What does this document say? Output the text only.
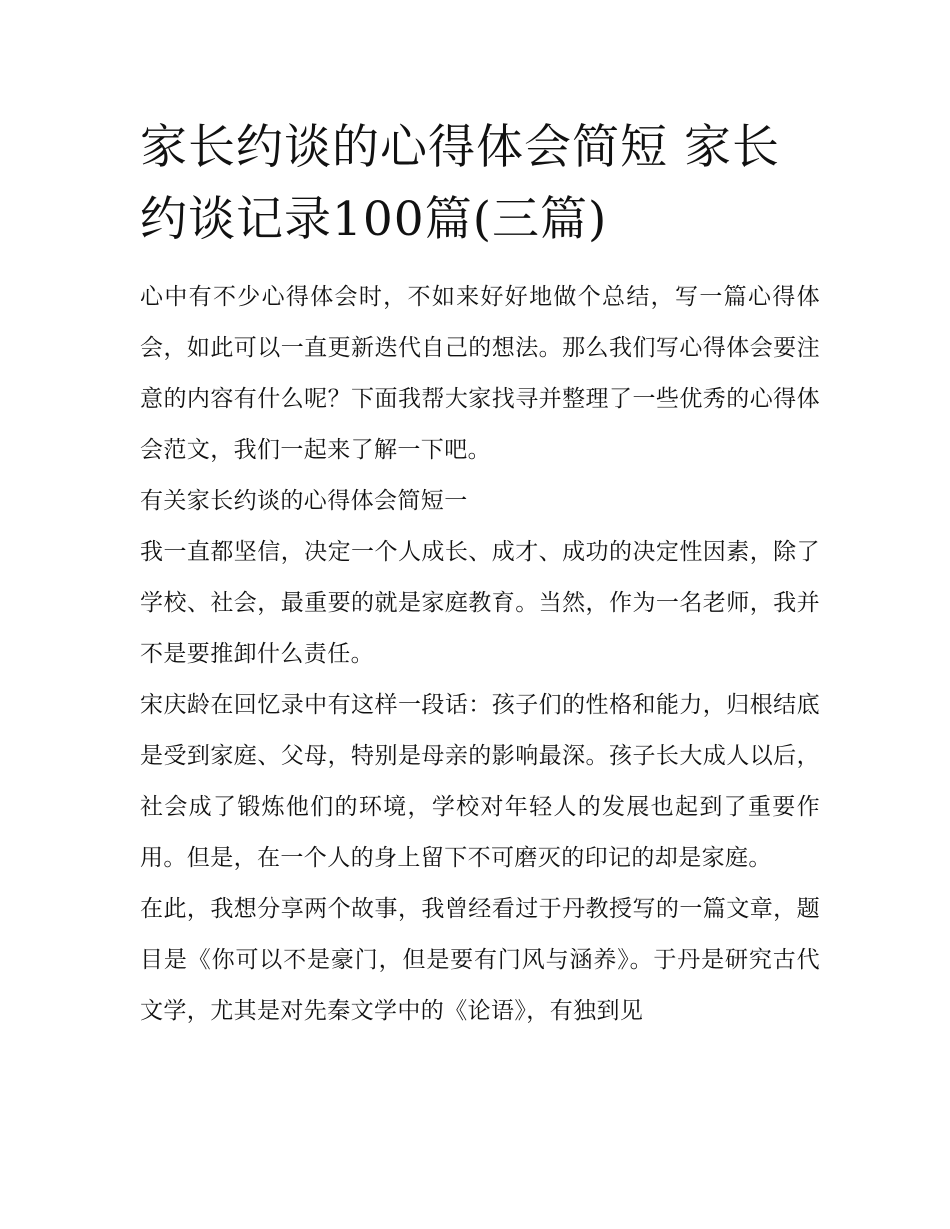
家长约谈的心得体会简短 家长约谈记录100篇(三篇)

心中有不少心得体会时，不如来好好地做个总结，写一篇心得体会，如此可以一直更新迭代自己的想法。那么我们写心得体会要注意的内容有什么呢？下面我帮大家找寻并整理了一些优秀的心得体会范文，我们一起来了解一下吧。

有关家长约谈的心得体会简短一

我一直都坚信，决定一个人成长、成才、成功的决定性因素，除了学校、社会，最重要的就是家庭教育。当然，作为一名老师，我并不是要推卸什么责任。

宋庆龄在回忆录中有这样一段话：孩子们的性格和能力，归根结底是受到家庭、父母，特别是母亲的影响最深。孩子长大成人以后，社会成了锻炼他们的环境，学校对年轻人的发展也起到了重要作用。但是，在一个人的身上留下不可磨灭的印记的却是家庭。

在此，我想分享两个故事，我曾经看过于丹教授写的一篇文章，题目是《你可以不是豪门，但是要有门风与涵养》。于丹是研究古代文学，尤其是对先秦文学中的《论语》，有独到见
